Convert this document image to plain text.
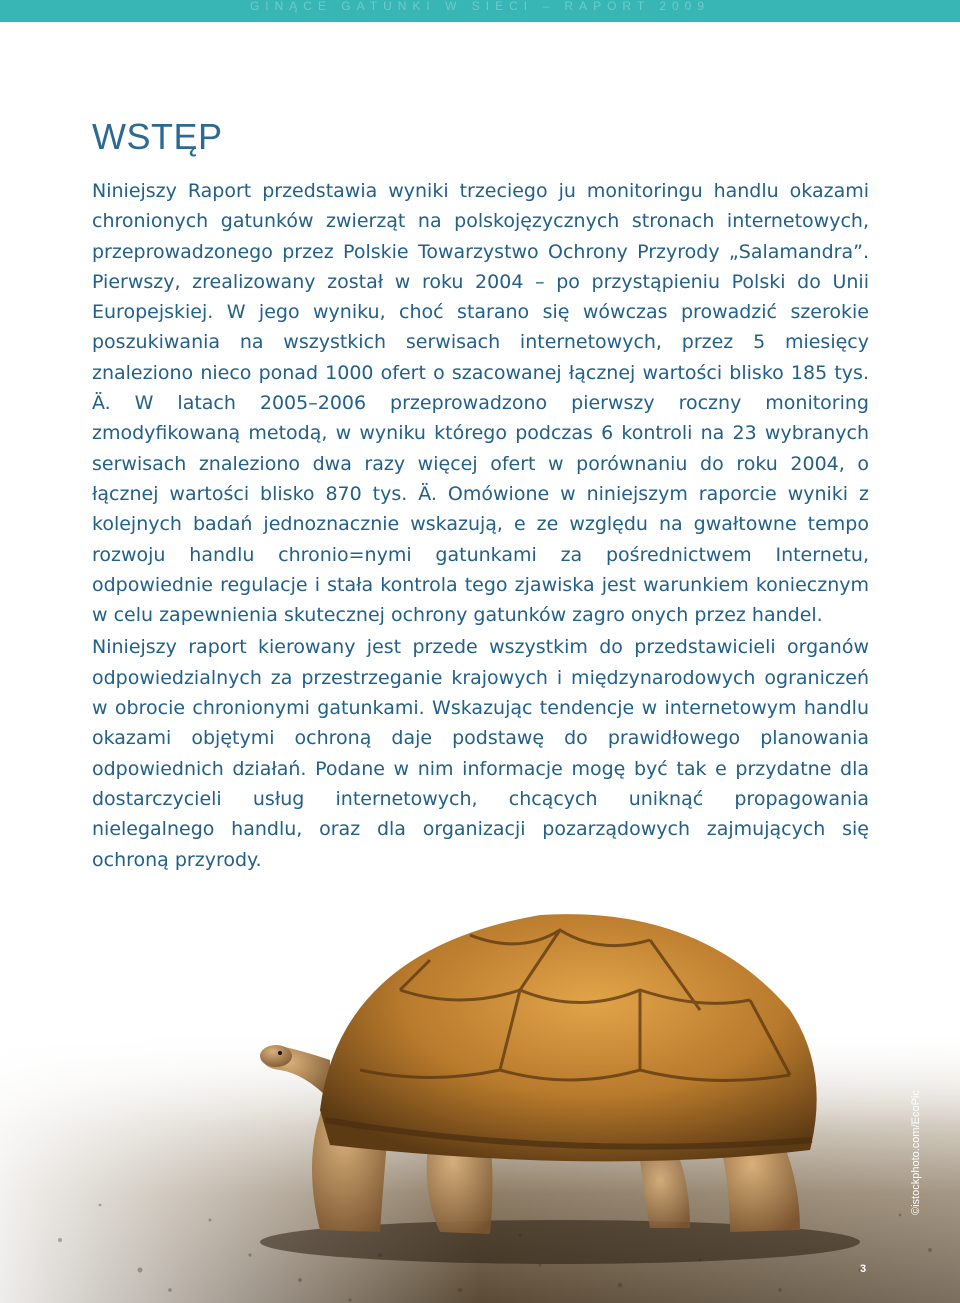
GINĄCE GATUNKI W SIECI – RAPORT 2009
WSTĘP

Niniejszy Raport przedstawia wyniki trzeciego ju monitoringu handlu okazami chronionych gatunków zwierząt na polskojęzycznych stronach internetowych, przeprowadzonego przez Polskie Towarzystwo Ochrony Przyrody „Salamandra”. Pierwszy, zrealizowany został w roku 2004 – po przystąpieniu Polski do Unii Europejskiej. W jego wyniku, choć starano się wówczas prowadzić szerokie poszukiwania na wszystkich serwisach internetowych, przez 5 miesięcy znaleziono nieco ponad 1000 ofert o szacowanej łącznej wartości blisko 185 tys. Ä. W latach 2005–2006 przeprowadzono pierwszy roczny monitoring zmodyfikowaną metodą, w wyniku którego podczas 6 kontroli na 23 wybranych serwisach znaleziono dwa razy więcej ofert w porównaniu do roku 2004, o łącznej wartości blisko 870 tys. Ä. Omówione w niniejszym raporcie wyniki z kolejnych badań jednoznacznie wskazują, e ze względu na gwałtowne tempo rozwoju handlu chronio=nymi gatunkami za pośrednictwem Internetu, odpowiednie regulacje i stała kontrola tego zjawiska jest warunkiem koniecznym w celu zapewnienia skutecznej ochrony gatunków zagro onych przez handel.

Niniejszy raport kierowany jest przede wszystkim do przedstawicieli organów odpowiedzialnych za przestrzeganie krajowych i międzynarodowych ograniczeń w obrocie chronionymi gatunkami. Wskazując tendencje w internetowym handlu okazami objętymi ochroną daje podstawę do prawidłowego planowania odpowiednich działań. Podane w nim informacje mogę być tak e przydatne dla dostarczycieli usług internetowych, chcących uniknąć propagowania nielegalnego handlu, oraz dla organizacji pozarządowych zajmujących się ochroną przyrody.

©istockphoto.com/EcoPic
3
